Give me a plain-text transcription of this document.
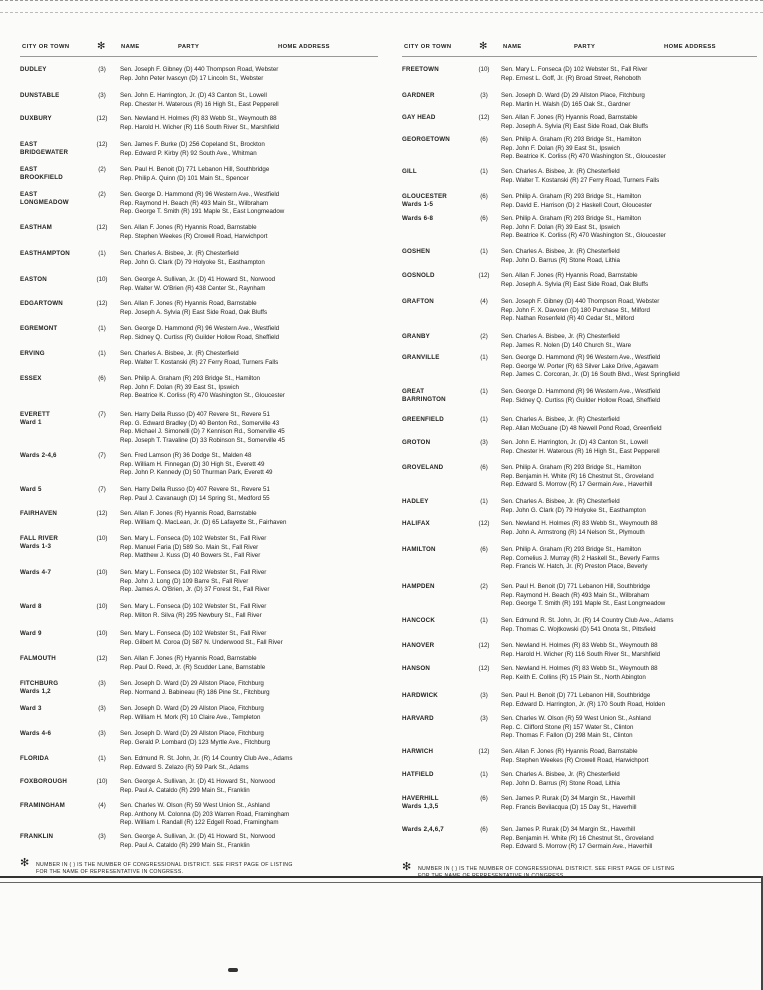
CITY OR TOWN	✻	NAME	PARTY	HOME ADDRESS
DUDLEY	(3)	Sen. Joseph F. Gibney (D) 440 Thompson Road, Webster
Rep. John Peter Ivascyn (D) 17 Lincoln St., Webster
DUNSTABLE	(3)	Sen. John E. Harrington, Jr. (D) 43 Canton St., Lowell
Rep. Chester H. Waterous (R) 16 High St., East Pepperell
DUXBURY	(12)	Sen. Newland H. Holmes (R) 83 Webb St., Weymouth 88
Rep. Harold H. Wicher (R) 116 South River St., Marshfield
EAST
BRIDGEWATER
(12)	Sen. James F. Burke (D) 256 Copeland St., Brockton
Rep. Edward P. Kirby (R) 92 South Ave., Whitman
EAST
BROOKFIELD
(2)	Sen. Paul H. Benoit (D) 771 Lebanon Hill, Southbridge
Rep. Philip A. Quinn (D) 101 Main St., Spencer
EAST
LONGMEADOW
(2)	Sen. George D. Hammond (R) 96 Western Ave., Westfield
Rep. Raymond H. Beach (R) 493 Main St., Wilbraham
Rep. George T. Smith (R) 191 Maple St., East Longmeadow
EASTHAM	(12)	Sen. Allan F. Jones (R) Hyannis Road, Barnstable
Rep. Stephen Weekes (R) Crowell Road, Harwichport
EASTHAMPTON	(1)	Sen. Charles A. Bisbee, Jr. (R) Chesterfield
Rep. John G. Clark (D) 79 Holyoke St., Easthampton
EASTON	(10)	Sen. George A. Sullivan, Jr. (D) 41 Howard St., Norwood
Rep. Walter W. O'Brien (R) 438 Center St., Raynham
EDGARTOWN	(12)	Sen. Allan F. Jones (R) Hyannis Road, Barnstable
Rep. Joseph A. Sylvia (R) East Side Road, Oak Bluffs
EGREMONT	(1)	Sen. George D. Hammond (R) 96 Western Ave., Westfield
Rep. Sidney Q. Curtiss (R) Guilder Hollow Road, Sheffield
ERVING	(1)	Sen. Charles A. Bisbee, Jr. (R) Chesterfield
Rep. Walter T. Kostanski (R) 27 Ferry Road, Turners Falls
ESSEX	(6)	Sen. Philip A. Graham (R) 293 Bridge St., Hamilton
Rep. John F. Dolan (R) 39 East St., Ipswich
Rep. Beatrice K. Corliss (R) 470 Washington St., Gloucester
EVERETT
Ward 1
(7)	Sen. Harry Della Russo (D) 407 Revere St., Revere 51
Rep. G. Edward Bradley (D) 40 Benton Rd., Somerville 43
Rep. Michael J. Simonelli (D) 7 Kennison Rd., Somerville 45
Rep. Joseph T. Travaline (D) 33 Robinson St., Somerville 45
Wards 2-4,6	(7)	Sen. Fred Lamson (R) 36 Dodge St., Malden 48
Rep. William H. Finnegan (D) 30 High St., Everett 49
Rep. John P. Kennedy (D) 50 Thurman Park, Everett 49
Ward 5	(7)	Sen. Harry Della Russo (D) 407 Revere St., Revere 51
Rep. Paul J. Cavanaugh (D) 14 Spring St., Medford 55
FAIRHAVEN	(12)	Sen. Allan F. Jones (R) Hyannis Road, Barnstable
Rep. William Q. MacLean, Jr. (D) 65 Lafayette St., Fairhaven
FALL RIVER
Wards 1-3
(10)	Sen. Mary L. Fonseca (D) 102 Webster St., Fall River
Rep. Manuel Faria (D) 589 So. Main St., Fall River
Rep. Matthew J. Kuss (D) 40 Bowers St., Fall River
Wards 4-7	(10)	Sen. Mary L. Fonseca (D) 102 Webster St., Fall River
Rep. John J. Long (D) 109 Barre St., Fall River
Rep. James A. O'Brien, Jr. (D) 37 Forest St., Fall River
Ward 8	(10)	Sen. Mary L. Fonseca (D) 102 Webster St., Fall River
Rep. Milton R. Silva (R) 295 Newbury St., Fall River
Ward 9	(10)	Sen. Mary L. Fonseca (D) 102 Webster St., Fall River
Rep. Gilbert M. Coroa (D) 587 N. Underwood St., Fall River
FALMOUTH	(12)	Sen. Allan F. Jones (R) Hyannis Road, Barnstable
Rep. Paul D. Reed, Jr. (R) Scudder Lane, Barnstable
FITCHBURG
Wards 1,2
(3)	Sen. Joseph D. Ward (D) 29 Allston Place, Fitchburg
Rep. Normand J. Babineau (R) 186 Pine St., Fitchburg
Ward 3	(3)	Sen. Joseph D. Ward (D) 29 Allston Place, Fitchburg
Rep. William H. Mork (R) 10 Claire Ave., Templeton
Wards 4-6	(3)	Sen. Joseph D. Ward (D) 29 Allston Place, Fitchburg
Rep. Gerald P. Lombard (D) 123 Myrtle Ave., Fitchburg
FLORIDA	(1)	Sen. Edmund R. St. John, Jr. (R) 14 Country Club Ave., Adams
Rep. Edward S. Zelazo (R) 59 Park St., Adams
FOXBOROUGH	(10)	Sen. George A. Sullivan, Jr. (D) 41 Howard St., Norwood
Rep. Paul A. Cataldo (R) 299 Main St., Franklin
FRAMINGHAM	(4)	Sen. Charles W. Olson (R) 59 West Union St., Ashland
Rep. Anthony M. Colonna (D) 203 Warren Road, Framingham
Rep. William I. Randall (R) 122 Edgell Road, Framingham
FRANKLIN	(3)	Sen. George A. Sullivan, Jr. (D) 41 Howard St., Norwood
Rep. Paul A. Cataldo (R) 299 Main St., Franklin
✻ NUMBER IN ( ) IS THE NUMBER OF CONGRESSIONAL DISTRICT. SEE FIRST PAGE OF LISTING
FOR THE NAME OF REPRESENTATIVE IN CONGRESS.
CITY OR TOWN	✻	NAME	PARTY	HOME ADDRESS
FREETOWN	(10)	Sen. Mary L. Fonseca (D) 102 Webster St., Fall River
Rep. Ernest L. Goff, Jr. (R) Broad Street, Rehoboth
GARDNER	(3)	Sen. Joseph D. Ward (D) 29 Allston Place, Fitchburg
Rep. Martin H. Walsh (D) 165 Oak St., Gardner
GAY HEAD	(12)	Sen. Allan F. Jones (R) Hyannis Road, Barnstable
Rep. Joseph A. Sylvia (R) East Side Road, Oak Bluffs
GEORGETOWN	(6)	Sen. Philip A. Graham (R) 293 Bridge St., Hamilton
Rep. John F. Dolan (R) 39 East St., Ipswich
Rep. Beatrice K. Corliss (R) 470 Washington St., Gloucester
GILL	(1)	Sen. Charles A. Bisbee, Jr. (R) Chesterfield
Rep. Walter T. Kostanski (R) 27 Ferry Road, Turners Falls
GLOUCESTER
Wards 1-5
(6)	Sen. Philip A. Graham (R) 293 Bridge St., Hamilton
Rep. David E. Harrison (D) 2 Haskell Court, Gloucester
Wards 6-8	(6)	Sen. Philip A. Graham (R) 293 Bridge St., Hamilton
Rep. John F. Dolan (R) 39 East St., Ipswich
Rep. Beatrice K. Corliss (R) 470 Washington St., Gloucester
GOSHEN	(1)	Sen. Charles A. Bisbee, Jr. (R) Chesterfield
Rep. John D. Barrus (R) Stone Road, Lithia
GOSNOLD	(12)	Sen. Allan F. Jones (R) Hyannis Road, Barnstable
Rep. Joseph A. Sylvia (R) East Side Road, Oak Bluffs
GRAFTON	(4)	Sen. Joseph F. Gibney (D) 440 Thompson Road, Webster
Rep. John F. X. Davoren (D) 180 Purchase St., Milford
Rep. Nathan Rosenfeld (R) 40 Cedar St., Milford
GRANBY	(2)	Sen. Charles A. Bisbee, Jr. (R) Chesterfield
Rep. James R. Nolen (D) 140 Church St., Ware
GRANVILLE	(1)	Sen. George D. Hammond (R) 96 Western Ave., Westfield
Rep. George W. Porter (R) 63 Silver Lake Drive, Agawam
Rep. James C. Corcoran, Jr. (D) 16 South Blvd., West Springfield
GREAT
BARRINGTON
(1)	Sen. George D. Hammond (R) 96 Western Ave., Westfield
Rep. Sidney Q. Curtiss (R) Guilder Hollow Road, Sheffield
GREENFIELD	(1)	Sen. Charles A. Bisbee, Jr. (R) Chesterfield
Rep. Allan McGuane (D) 48 Newell Pond Road, Greenfield
GROTON	(3)	Sen. John E. Harrington, Jr. (D) 43 Canton St., Lowell
Rep. Chester H. Waterous (R) 16 High St., East Pepperell
GROVELAND	(6)	Sen. Philip A. Graham (R) 293 Bridge St., Hamilton
Rep. Benjamin H. White (R) 16 Chestnut St., Groveland
Rep. Edward S. Morrow (R) 17 Germain Ave., Haverhill
HADLEY	(1)	Sen. Charles A. Bisbee, Jr. (R) Chesterfield
Rep. John G. Clark (D) 79 Holyoke St., Easthampton
HALIFAX	(12)	Sen. Newland H. Holmes (R) 83 Webb St., Weymouth 88
Rep. John A. Armstrong (R) 14 Nelson St., Plymouth
HAMILTON	(6)	Sen. Philip A. Graham (R) 293 Bridge St., Hamilton
Rep. Cornelius J. Murray (R) 2 Haskell St., Beverly Farms
Rep. Francis W. Hatch, Jr. (R) Preston Place, Beverly
HAMPDEN	(2)	Sen. Paul H. Benoit (D) 771 Lebanon Hill, Southbridge
Rep. Raymond H. Beach (R) 493 Main St., Wilbraham
Rep. George T. Smith (R) 191 Maple St., East Longmeadow
HANCOCK	(1)	Sen. Edmund R. St. John, Jr. (R) 14 Country Club Ave., Adams
Rep. Thomas C. Wojtkowski (D) 541 Onota St., Pittsfield
HANOVER	(12)	Sen. Newland H. Holmes (R) 83 Webb St., Weymouth 88
Rep. Harold H. Wicher (R) 116 South River St., Marshfield
HANSON	(12)	Sen. Newland H. Holmes (R) 83 Webb St., Weymouth 88
Rep. Keith E. Collins (R) 15 Plain St., North Abington
HARDWICK	(3)	Sen. Paul H. Benoit (D) 771 Lebanon Hill, Southbridge
Rep. Edward D. Harrington, Jr. (R) 170 South Road, Holden
HARVARD	(3)	Sen. Charles W. Olson (R) 59 West Union St., Ashland
Rep. C. Clifford Stone (R) 157 Water St., Clinton
Rep. Thomas F. Fallon (D) 298 Main St., Clinton
HARWICH	(12)	Sen. Allan F. Jones (R) Hyannis Road, Barnstable
Rep. Stephen Weekes (R) Crowell Road, Harwichport
HATFIELD	(1)	Sen. Charles A. Bisbee, Jr. (R) Chesterfield
Rep. John D. Barrus (R) Stone Road, Lithia
HAVERHILL
Wards 1,3,5
(6)	Sen. James P. Rurak (D) 34 Margin St., Haverhill
Rep. Francis Bevilacqua (D) 15 Day St., Haverhill
Wards 2,4,6,7	(6)	Sen. James P. Rurak (D) 34 Margin St., Haverhill
Rep. Benjamin H. White (R) 16 Chestnut St., Groveland
Rep. Edward S. Morrow (R) 17 Germain Ave., Haverhill
✻ NUMBER IN ( ) IS THE NUMBER OF CONGRESSIONAL DISTRICT. SEE FIRST PAGE OF LISTING
FOR THE NAME OF REPRESENTATIVE IN CONGRESS.
